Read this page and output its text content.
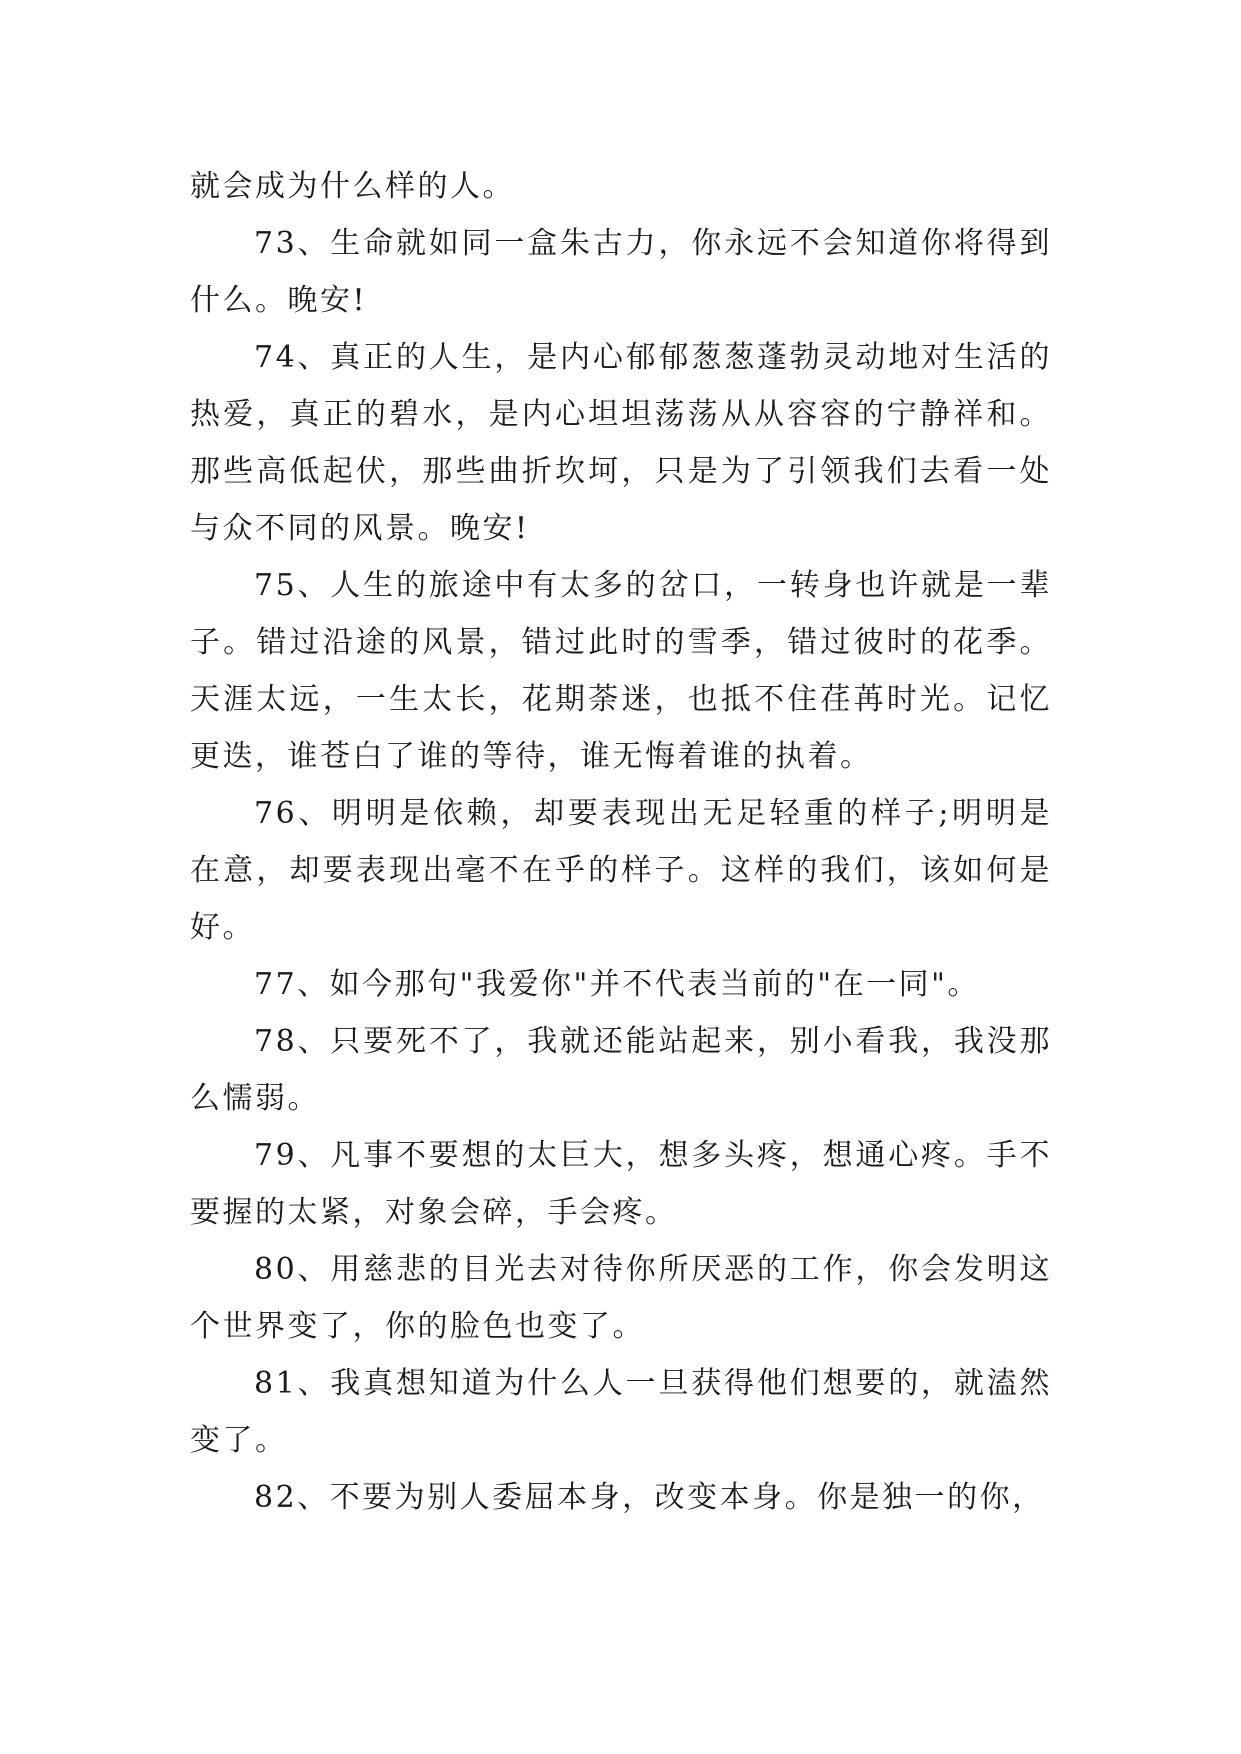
就会成为什么样的人。

73、生命就如同一盒朱古力，你永远不会知道你将得到什么。晚安!

74、真正的人生，是内心郁郁葱葱蓬勃灵动地对生活的热爱，真正的碧水，是内心坦坦荡荡从从容容的宁静祥和。那些高低起伏，那些曲折坎坷，只是为了引领我们去看一处与众不同的风景。晚安!

75、人生的旅途中有太多的岔口，一转身也许就是一辈子。错过沿途的风景，错过此时的雪季，错过彼时的花季。天涯太远，一生太长，花期荼迷，也抵不住荏苒时光。记忆更迭，谁苍白了谁的等待，谁无悔着谁的执着。

76、明明是依赖，却要表现出无足轻重的样子;明明是在意，却要表现出毫不在乎的样子。这样的我们，该如何是好。

77、如今那句"我爱你"并不代表当前的"在一同"。

78、只要死不了，我就还能站起来，别小看我，我没那么懦弱。

79、凡事不要想的太巨大，想多头疼，想通心疼。手不要握的太紧，对象会碎，手会疼。

80、用慈悲的目光去对待你所厌恶的工作，你会发明这个世界变了，你的脸色也变了。

81、我真想知道为什么人一旦获得他们想要的，就溘然变了。

82、不要为别人委屈本身，改变本身。你是独一的你，
